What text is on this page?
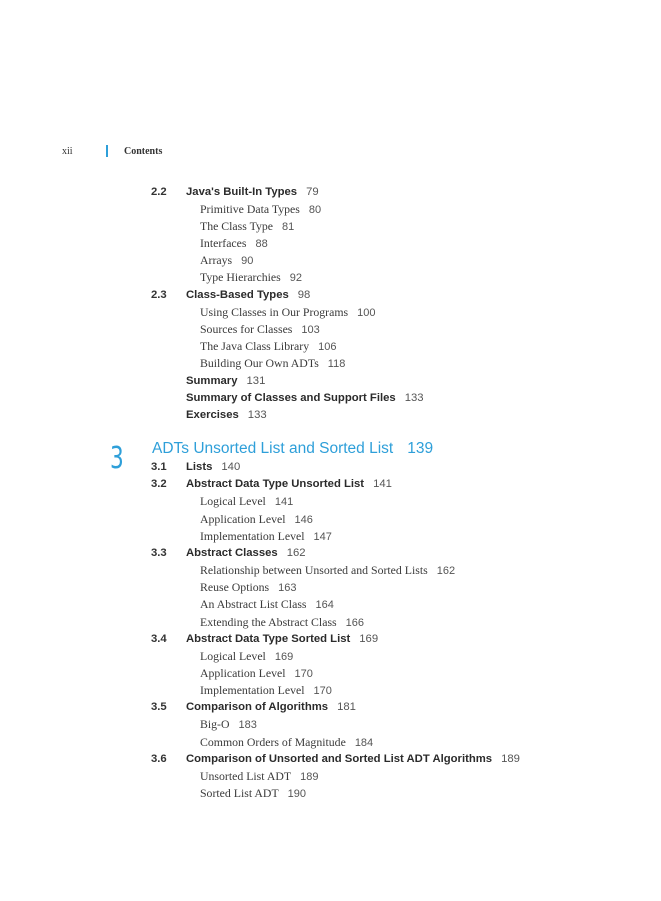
xii	Contents
2.2 Java's Built-In Types 79
Primitive Data Types 80
The Class Type 81
Interfaces 88
Arrays 90
Type Hierarchies 92
2.3 Class-Based Types 98
Using Classes in Our Programs 100
Sources for Classes 103
The Java Class Library 106
Building Our Own ADTs 118
Summary 131
Summary of Classes and Support Files 133
Exercises 133
3 ADTs Unsorted List and Sorted List 139
3.1 Lists 140
3.2 Abstract Data Type Unsorted List 141
Logical Level 141
Application Level 146
Implementation Level 147
3.3 Abstract Classes 162
Relationship between Unsorted and Sorted Lists 162
Reuse Options 163
An Abstract List Class 164
Extending the Abstract Class 166
3.4 Abstract Data Type Sorted List 169
Logical Level 169
Application Level 170
Implementation Level 170
3.5 Comparison of Algorithms 181
Big-O 183
Common Orders of Magnitude 184
3.6 Comparison of Unsorted and Sorted List ADT Algorithms 189
Unsorted List ADT 189
Sorted List ADT 190
